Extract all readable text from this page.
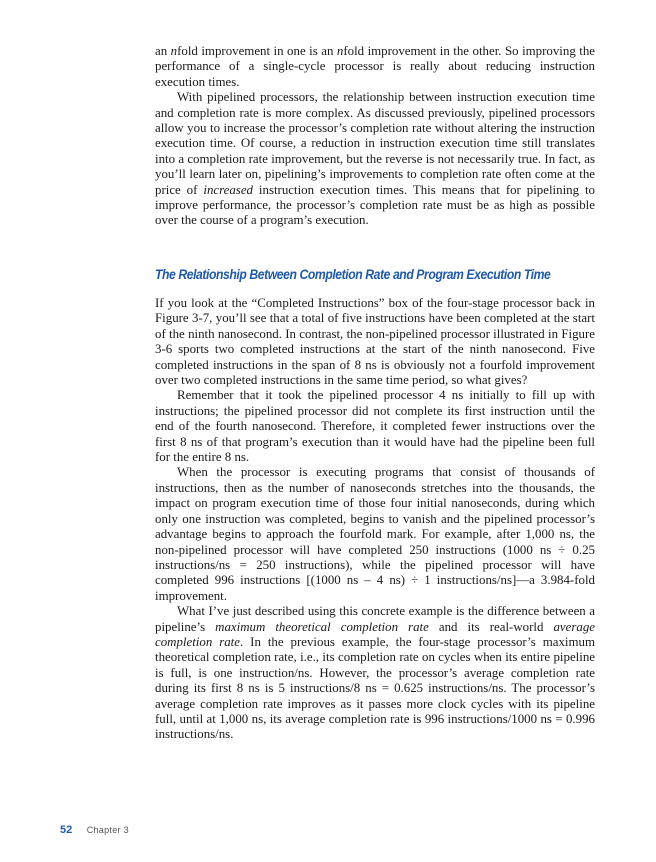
an nfold improvement in one is an nfold improvement in the other. So improving the performance of a single-cycle processor is really about reducing instruction execution times.

With pipelined processors, the relationship between instruction execution time and completion rate is more complex. As discussed previously, pipelined processors allow you to increase the processor’s completion rate without altering the instruction execution time. Of course, a reduction in instruction execution time still translates into a completion rate improvement, but the reverse is not necessarily true. In fact, as you’ll learn later on, pipelining’s improvements to completion rate often come at the price of increased instruction execution times. This means that for pipelining to improve performance, the processor’s completion rate must be as high as possible over the course of a program’s execution.

The Relationship Between Completion Rate and Program Execution Time

If you look at the “Completed Instructions” box of the four-stage processor back in Figure 3-7, you’ll see that a total of five instructions have been completed at the start of the ninth nanosecond. In contrast, the non-pipelined processor illustrated in Figure 3-6 sports two completed instructions at the start of the ninth nanosecond. Five completed instructions in the span of 8 ns is obviously not a fourfold improvement over two completed instructions in the same time period, so what gives?

Remember that it took the pipelined processor 4 ns initially to fill up with instructions; the pipelined processor did not complete its first instruction until the end of the fourth nanosecond. Therefore, it completed fewer instructions over the first 8 ns of that program’s execution than it would have had the pipeline been full for the entire 8 ns.

When the processor is executing programs that consist of thousands of instructions, then as the number of nanoseconds stretches into the thousands, the impact on program execution time of those four initial nanoseconds, during which only one instruction was completed, begins to vanish and the pipelined processor’s advantage begins to approach the fourfold mark. For example, after 1,000 ns, the non-pipelined processor will have completed 250 instructions (1000 ns ÷ 0.25 instructions/ns = 250 instructions), while the pipelined processor will have completed 996 instructions [(1000 ns – 4 ns) ÷ 1 instructions/ns]—a 3.984-fold improvement.

What I’ve just described using this concrete example is the difference between a pipeline’s maximum theoretical completion rate and its real-world average completion rate. In the previous example, the four-stage processor’s maximum theoretical completion rate, i.e., its completion rate on cycles when its entire pipeline is full, is one instruction/ns. However, the processor’s average completion rate during its first 8 ns is 5 instructions/8 ns = 0.625 instructions/ns. The processor’s average completion rate improves as it passes more clock cycles with its pipeline full, until at 1,000 ns, its average completion rate is 996 instructions/1000 ns = 0.996 instructions/ns.

52 Chapter 3
